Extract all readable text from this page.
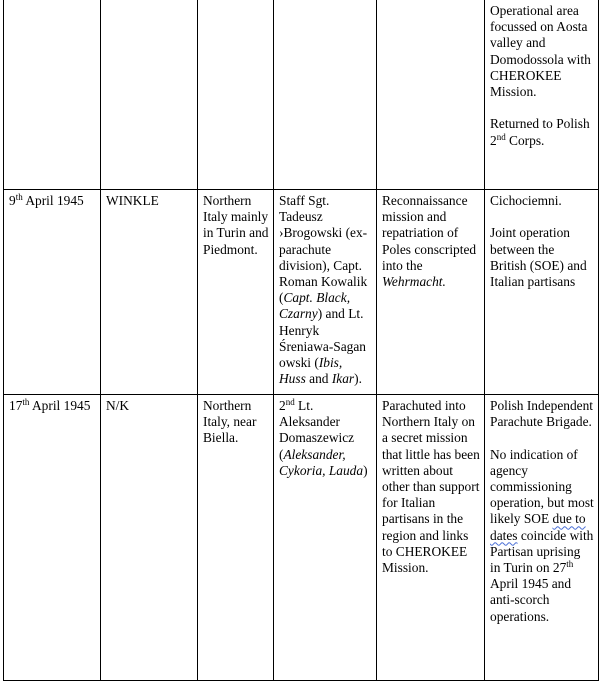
					Operational area focussed on Aosta valley and Domodossola with CHEROKEE Mission.

Returned to Polish 2nd Corps.

9th April 1945	WINKLE	Northern Italy mainly in Turin and Piedmont.	Staff Sgt. Tadeusz ›Brogowski (ex-parachute division), Capt. Roman Kowalik (Capt. Black, Czarny) and Lt. Henryk Śreniawa-Sagan owski (Ibis, Huss and Ikar).	Reconnaissance mission and repatriation of Poles conscripted into the Wehrmacht.	Cichociemni.

Joint operation between the British (SOE) and Italian partisans

17th April 1945	N/K	Northern Italy, near Biella.	2nd Lt. Aleksander Domaszewicz (Aleksander, Cykoria, Lauda)	Parachuted into Northern Italy on a secret mission that little has been written about other than support for Italian partisans in the region and links to CHEROKEE Mission.	Polish Independent Parachute Brigade.

No indication of agency commissioning operation, but most likely SOE due to dates coincide with Partisan uprising in Turin on 27th April 1945 and anti-scorch operations.
